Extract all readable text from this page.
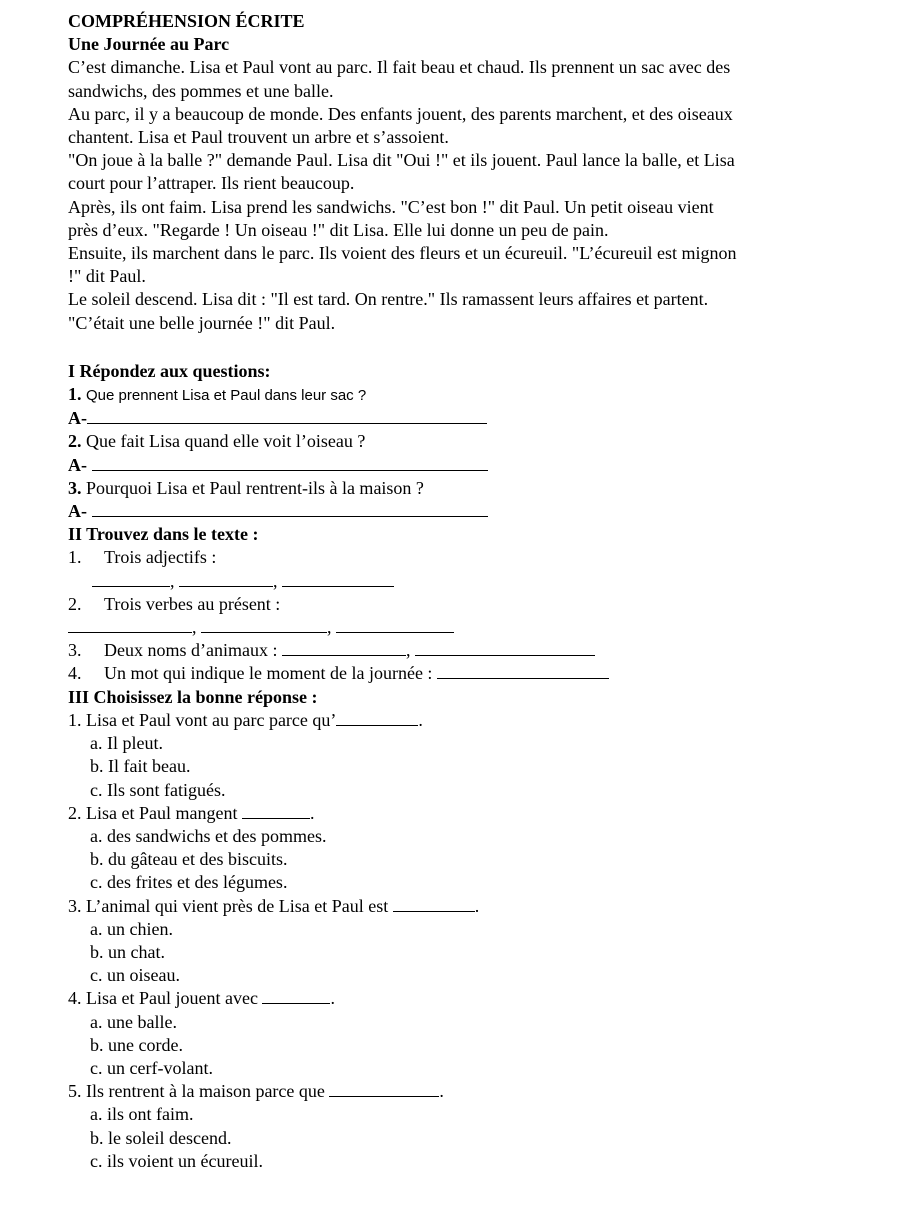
COMPRÉHENSION ÉCRITE
Une Journée au Parc
C’est dimanche. Lisa et Paul vont au parc. Il fait beau et chaud. Ils prennent un sac avec des
sandwichs, des pommes et une balle.
Au parc, il y a beaucoup de monde. Des enfants jouent, des parents marchent, et des oiseaux
chantent. Lisa et Paul trouvent un arbre et s’assoient.
"On joue à la balle ?" demande Paul. Lisa dit "Oui !" et ils jouent. Paul lance la balle, et Lisa
court pour l’attraper. Ils rient beaucoup.
Après, ils ont faim. Lisa prend les sandwichs. "C’est bon !" dit Paul. Un petit oiseau vient
près d’eux. "Regarde ! Un oiseau !" dit Lisa. Elle lui donne un peu de pain.
Ensuite, ils marchent dans le parc. Ils voient des fleurs et un écureuil. "L’écureuil est mignon
!" dit Paul.
Le soleil descend. Lisa dit : "Il est tard. On rentre." Ils ramassent leurs affaires et partent.
"C’était une belle journée !" dit Paul.
I Répondez aux questions:
1. Que prennent Lisa et Paul dans leur sac ?
A-
2. Que fait Lisa quand elle voit l’oiseau ?
A-
3. Pourquoi Lisa et Paul rentrent-ils à la maison ?
A-
II Trouvez dans le texte :
1. Trois adjectifs :
,	,
2. Trois verbes au présent :
,	,
3. Deux noms d’animaux :	,
4. Un mot qui indique le moment de la journée :
III Choisissez la bonne réponse :
1. Lisa et Paul vont au parc parce qu’	.
a. Il pleut.
b. Il fait beau.
c. Ils sont fatigués.
2. Lisa et Paul mangent	.
a. des sandwichs et des pommes.
b. du gâteau et des biscuits.
c. des frites et des légumes.
3. L’animal qui vient près de Lisa et Paul est	.
a. un chien.
b. un chat.
c. un oiseau.
4. Lisa et Paul jouent avec	.
a. une balle.
b. une corde.
c. un cerf-volant.
5. Ils rentrent à la maison parce que	.
a. ils ont faim.
b. le soleil descend.
c. ils voient un écureuil.
